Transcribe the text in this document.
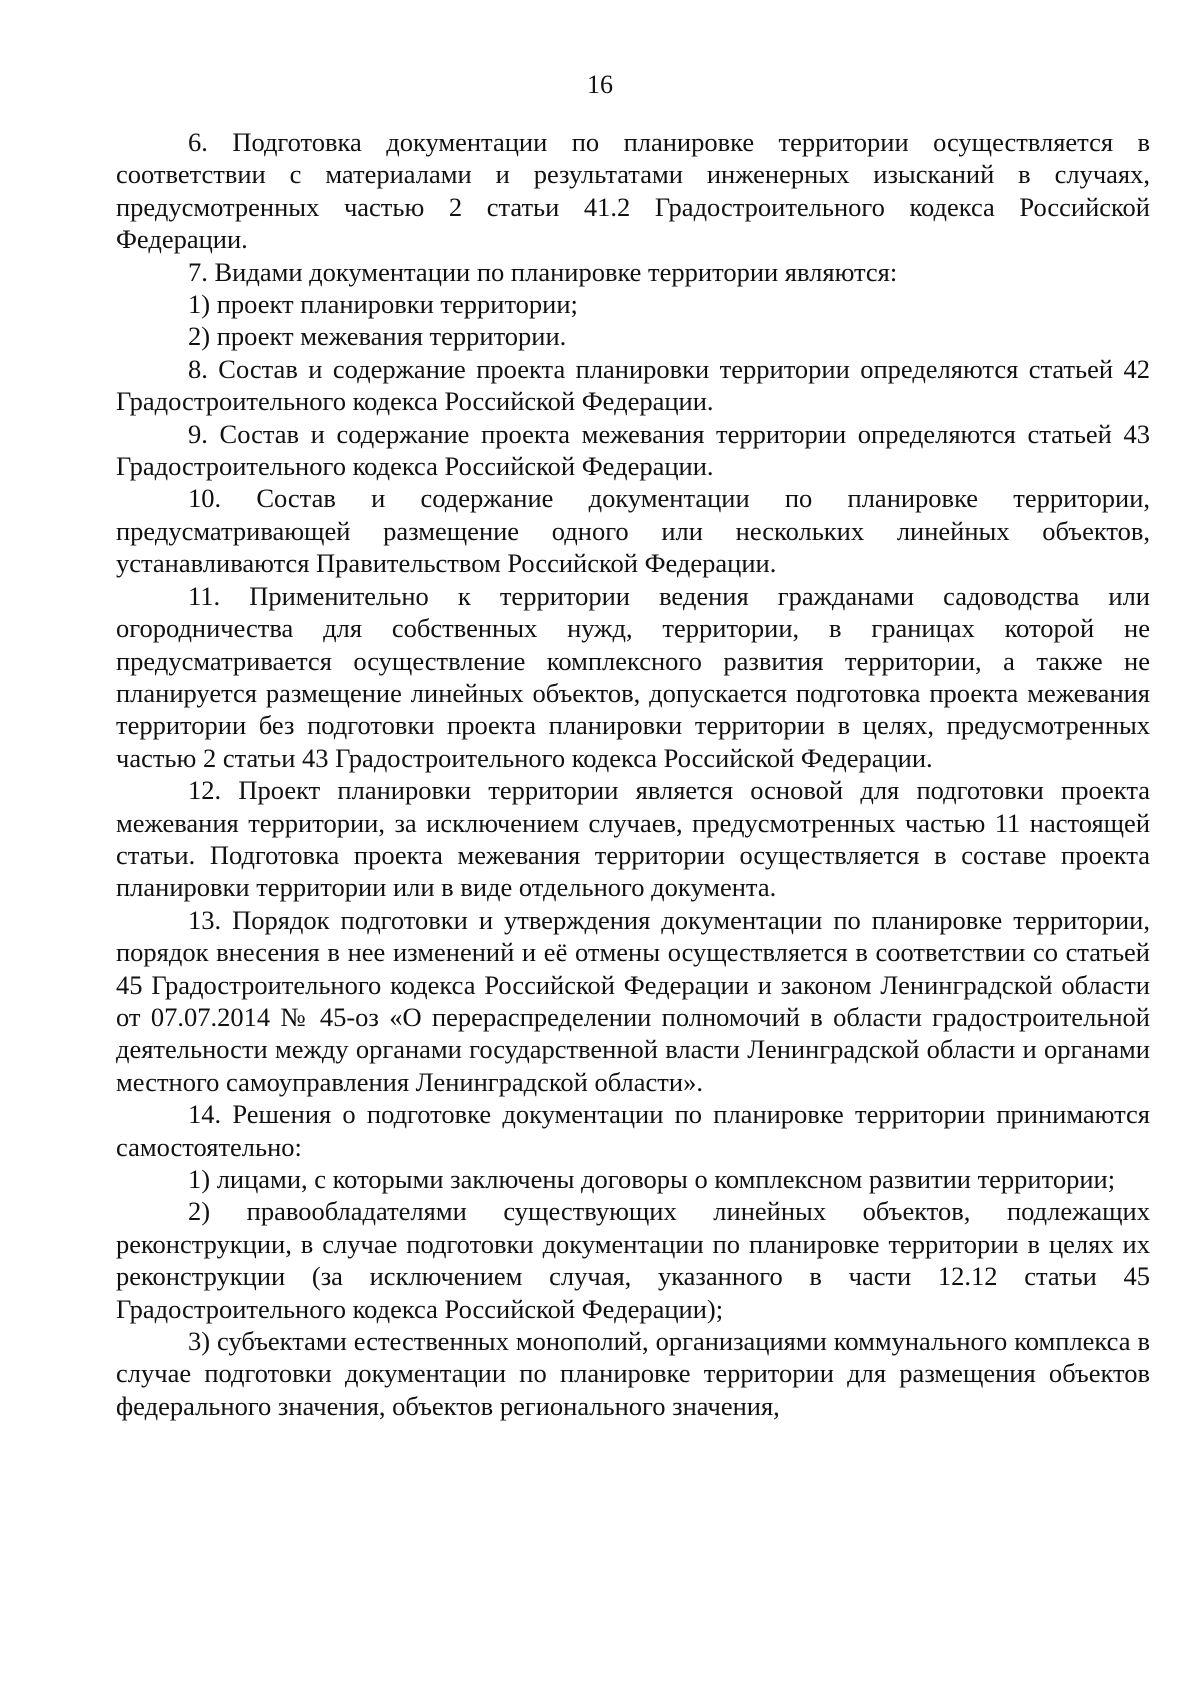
16

6. Подготовка документации по планировке территории осуществляется в соответствии с материалами и результатами инженерных изысканий в случаях, предусмотренных частью 2 статьи 41.2 Градостроительного кодекса Российской Федерации.

7. Видами документации по планировке территории являются:

1) проект планировки территории;

2) проект межевания территории.

8. Состав и содержание проекта планировки территории определяются статьей 42 Градостроительного кодекса Российской Федерации.

9. Состав и содержание проекта межевания территории определяются статьей 43 Градостроительного кодекса Российской Федерации.

10. Состав и содержание документации по планировке территории, предусматривающей размещение одного или нескольких линейных объектов, устанавливаются Правительством Российской Федерации.

11. Применительно к территории ведения гражданами садоводства или огородничества для собственных нужд, территории, в границах которой не предусматривается осуществление комплексного развития территории, а также не планируется размещение линейных объектов, допускается подготовка проекта межевания территории без подготовки проекта планировки территории в целях, предусмотренных частью 2 статьи 43 Градостроительного кодекса Российской Федерации.

12. Проект планировки территории является основой для подготовки проекта межевания территории, за исключением случаев, предусмотренных частью 11 настоящей статьи. Подготовка проекта межевания территории осуществляется в составе проекта планировки территории или в виде отдельного документа.

13. Порядок подготовки и утверждения документации по планировке территории, порядок внесения в нее изменений и её отмены осуществляется в соответствии со статьей 45 Градостроительного кодекса Российской Федерации и законом Ленинградской области от 07.07.2014 № 45-оз «О перераспределении полномочий в области градостроительной деятельности между органами государственной власти Ленинградской области и органами местного самоуправления Ленинградской области».

14. Решения о подготовке документации по планировке территории принимаются самостоятельно:

1) лицами, с которыми заключены договоры о комплексном развитии территории;

2) правообладателями существующих линейных объектов, подлежащих реконструкции, в случае подготовки документации по планировке территории в целях их реконструкции (за исключением случая, указанного в части 12.12 статьи 45 Градостроительного кодекса Российской Федерации);

3) субъектами естественных монополий, организациями коммунального комплекса в случае подготовки документации по планировке территории для размещения объектов федерального значения, объектов регионального значения,
